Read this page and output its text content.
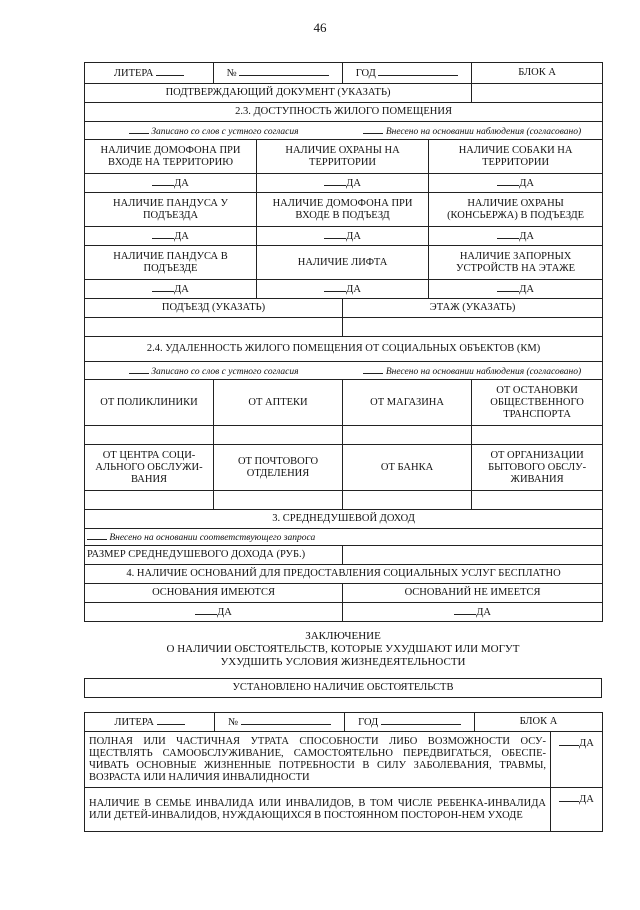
46
ЛИТЕРА	№		ГОД		БЛОК А
ПОДТВЕРЖДАЮЩИЙ ДОКУМЕНТ (УКАЗАТЬ)					
2.3. ДОСТУПНОСТЬ ЖИЛОГО ПОМЕЩЕНИЯ					
Записано со слов с устного согласия			Внесено на основании наблюдения (согласовано)		
НАЛИЧИЕ ДОМОФОНА ПРИ ВХОДЕ НА ТЕРРИТОРИЮ		НАЛИЧИЕ ОХРАНЫ НА ТЕРРИТОРИИ		НАЛИЧИЕ СОБАКИ НА ТЕРРИТОРИИ	
ДА		ДА		ДА	
НАЛИЧИЕ ПАНДУСА У ПОДЪЕЗДА		НАЛИЧИЕ ДОМОФОНА ПРИ ВХОДЕ В ПОДЪЕЗД		НАЛИЧИЕ ОХРАНЫ (КОНСЬЕРЖА) В ПОДЪЕЗДЕ	
ДА		ДА		ДА	
НАЛИЧИЕ ПАНДУСА В ПОДЪЕЗДЕ		НАЛИЧИЕ ЛИФТА		НАЛИЧИЕ ЗАПОРНЫХ УСТРОЙСТВ НА ЭТАЖЕ	
ДА		ДА		ДА	
ПОДЪЕЗД (УКАЗАТЬ)			ЭТАЖ (УКАЗАТЬ)		

2.4. УДАЛЕННОСТЬ ЖИЛОГО ПОМЕЩЕНИЯ ОТ СОЦИАЛЬНЫХ ОБЪЕКТОВ (КМ)					
Записано со слов с устного согласия			Внесено на основании наблюдения (согласовано)		
ОТ ПОЛИКЛИНИКИ	ОТ АПТЕКИ		ОТ МАГАЗИНА		ОТ ОСТАНОВКИ ОБЩЕСТВЕННОГО ТРАНСПОРТА

ОТ ЦЕНТРА СОЦИ-АЛЬНОГО ОБСЛУЖИ-ВАНИЯ	ОТ ПОЧТОВОГО ОТДЕЛЕНИЯ		ОТ БАНКА		ОТ ОРГАНИЗАЦИИ БЫТОВОГО ОБСЛУ-ЖИВАНИЯ

3. СРЕДНЕДУШЕВОЙ ДОХОД					
Внесено на основании соответствующего запроса					
РАЗМЕР СРЕДНЕДУШЕВОГО ДОХОДА (РУБ.)					
4. НАЛИЧИЕ ОСНОВАНИЙ ДЛЯ ПРЕДОСТАВЛЕНИЯ СОЦИАЛЬНЫХ УСЛУГ БЕСПЛАТНО					
ОСНОВАНИЯ ИМЕЮТСЯ			ОСНОВАНИЙ НЕ ИМЕЕТСЯ		
ДА			ДА		
ЗАКЛЮЧЕНИЕ
О НАЛИЧИИ ОБСТОЯТЕЛЬСТВ, КОТОРЫЕ УХУДШАЮТ ИЛИ МОГУТ
УХУДШИТЬ УСЛОВИЯ ЖИЗНЕДЕЯТЕЛЬНОСТИ
УСТАНОВЛЕНО НАЛИЧИЕ ОБСТОЯТЕЛЬСТВ
ЛИТЕРА	№	ГОД	БЛОК А
ПОЛНАЯ ИЛИ ЧАСТИЧНАЯ УТРАТА СПОСОБНОСТИ ЛИБО ВОЗМОЖНОСТИ ОСУ-ЩЕСТВЛЯТЬ САМООБСЛУЖИВАНИЕ, САМОСТОЯТЕЛЬНО ПЕРЕДВИГАТЬСЯ, ОБЕСПЕ-ЧИВАТЬ ОСНОВНЫЕ ЖИЗНЕННЫЕ ПОТРЕБНОСТИ В СИЛУ ЗАБОЛЕВАНИЯ, ТРАВМЫ, ВОЗРАСТА ИЛИ НАЛИЧИЯ ИНВАЛИДНОСТИ	ДА
НАЛИЧИЕ В СЕМЬЕ ИНВАЛИДА ИЛИ ИНВАЛИДОВ, В ТОМ ЧИСЛЕ РЕБЕНКА-ИНВАЛИДА ИЛИ ДЕТЕЙ-ИНВАЛИДОВ, НУЖДАЮЩИХСЯ В ПОСТОЯННОМ ПОСТОРОН-НЕМ УХОДЕ	ДА
